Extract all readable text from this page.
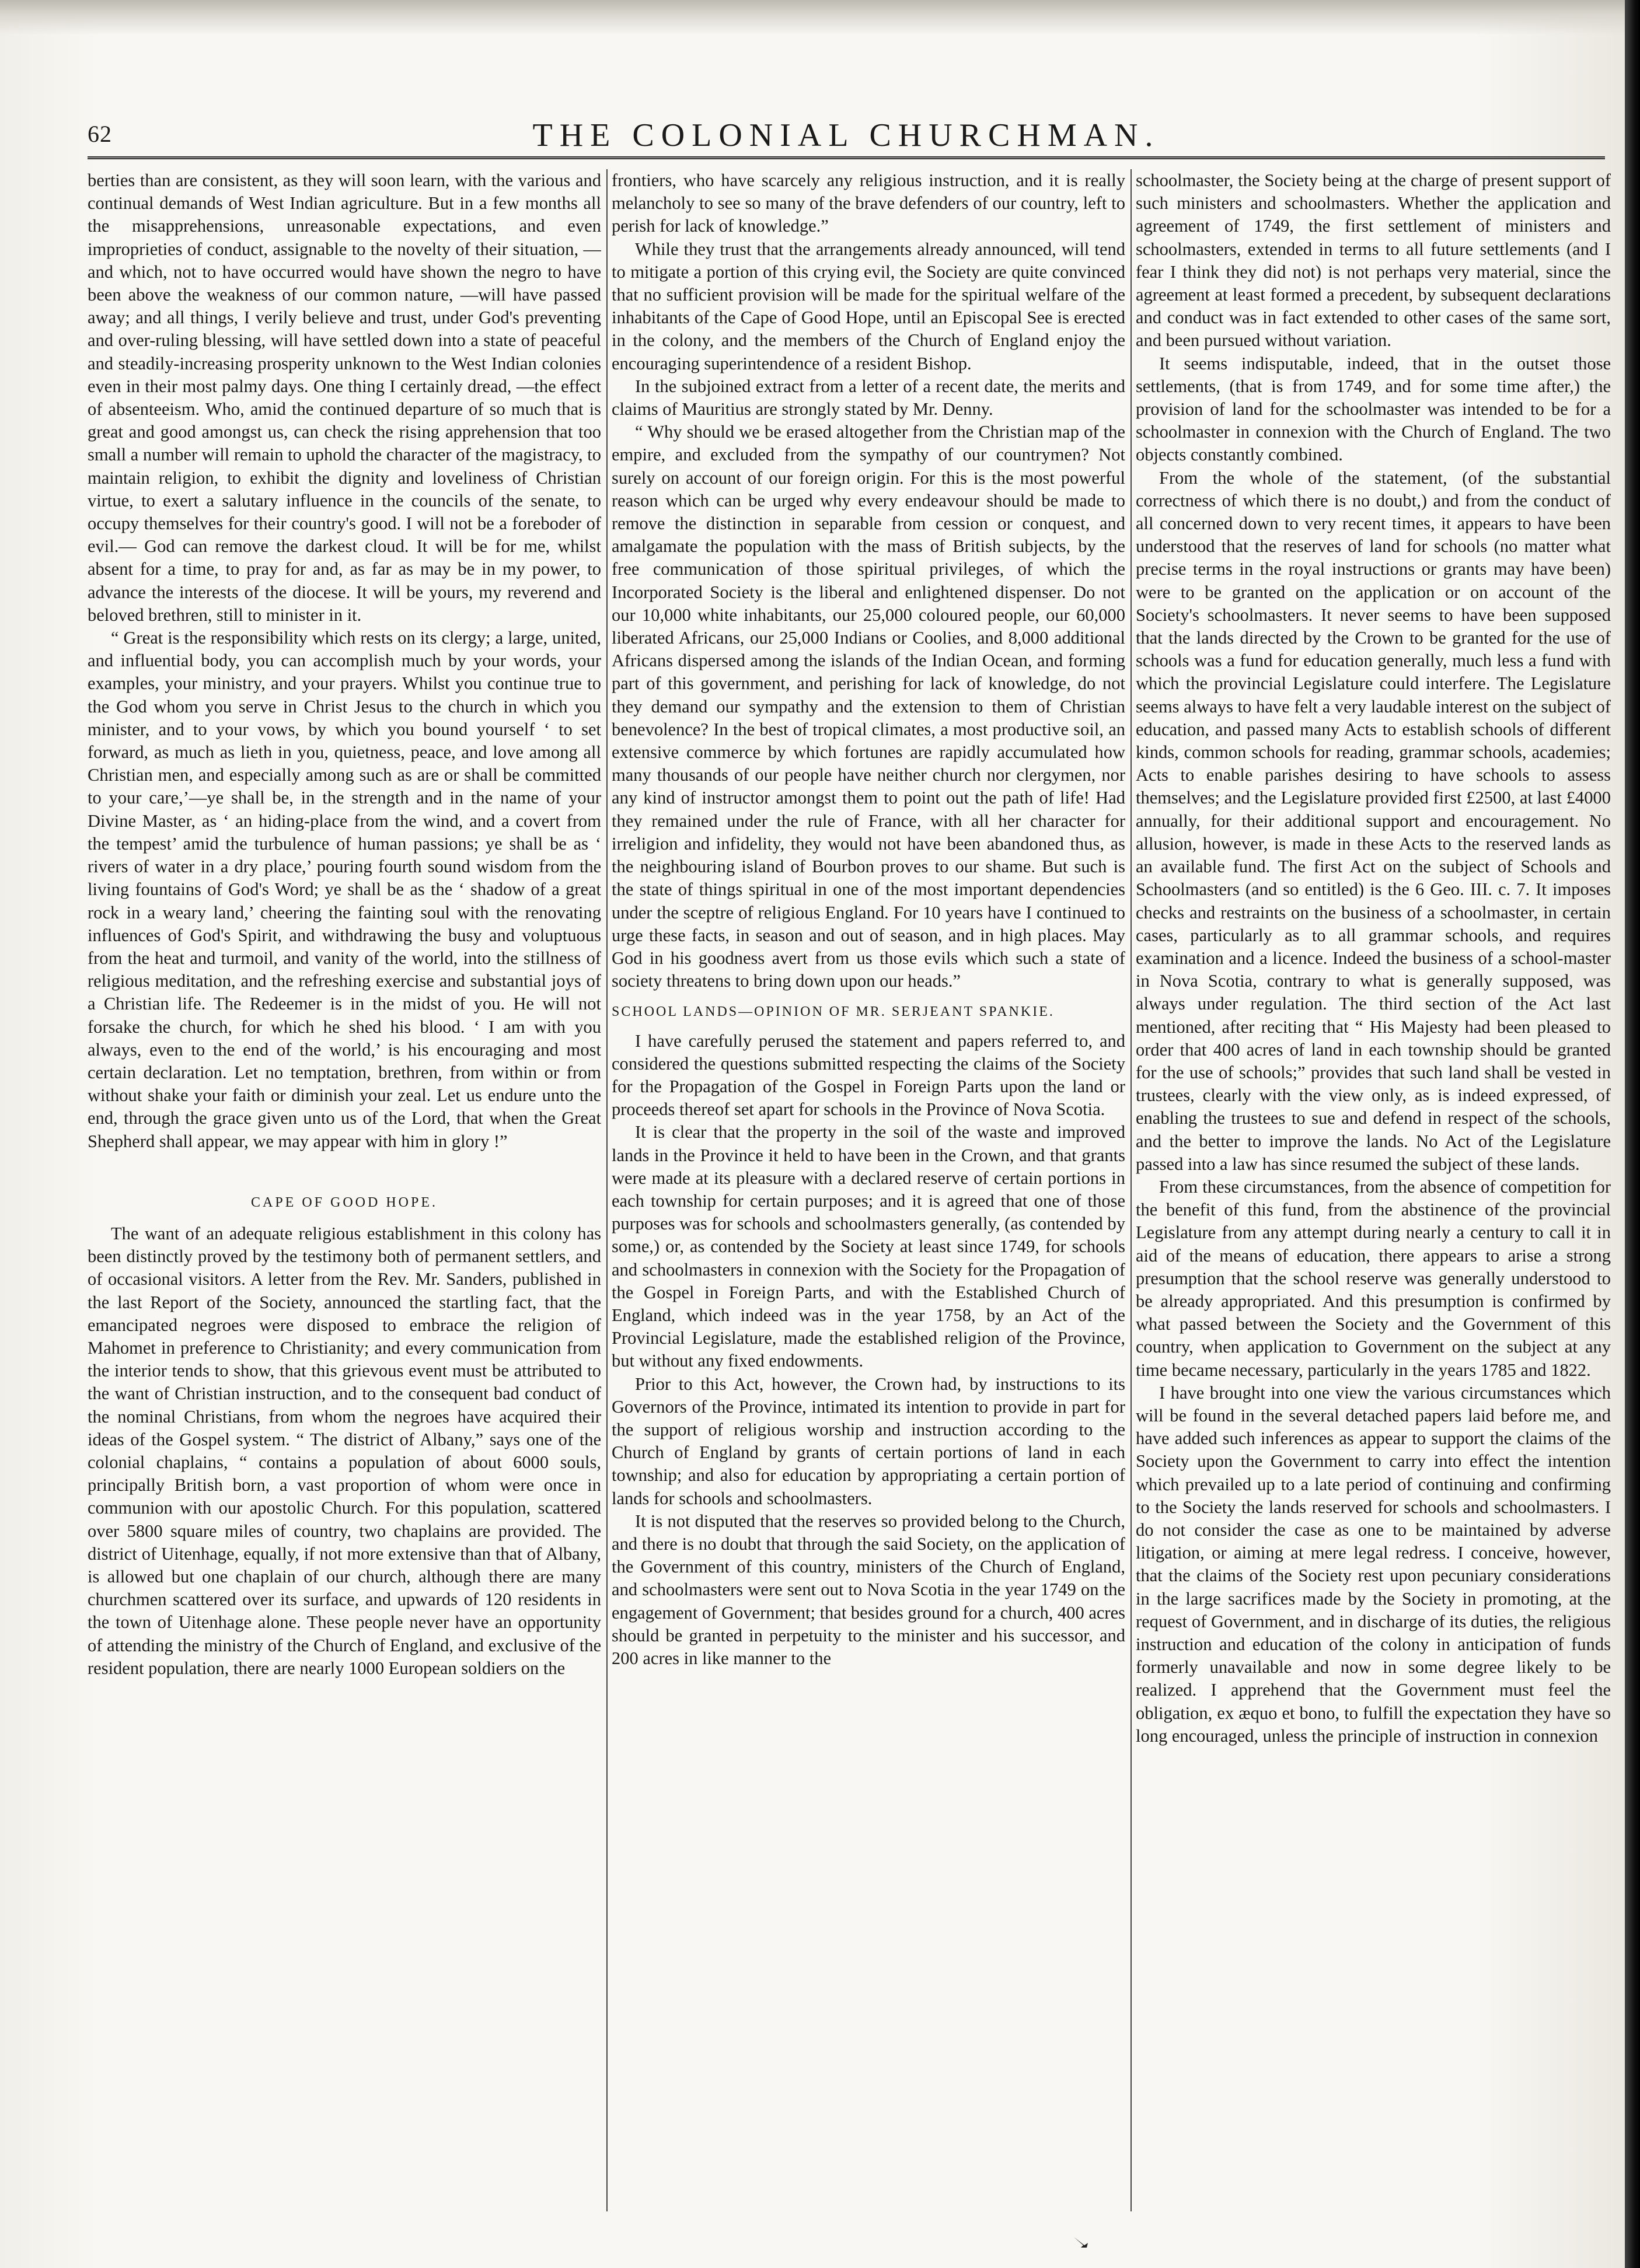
62	THE COLONIAL CHURCHMAN.

berties than are consistent, as they will soon learn, with the various and continual demands of West Indian agriculture. But in a few months all the misapprehensions, unreasonable expectations, and even improprieties of conduct, assignable to the novelty of their situation, —and which, not to have occurred would have shown the negro to have been above the weakness of our common nature, —will have passed away; and all things, I verily believe and trust, under God's preventing and over-ruling blessing, will have settled down into a state of peaceful and steadily-increasing prosperity unknown to the West Indian colonies even in their most palmy days. One thing I certainly dread, —the effect of absenteeism. Who, amid the continued departure of so much that is great and good amongst us, can check the rising apprehension that too small a number will remain to uphold the character of the magistracy, to maintain religion, to exhibit the dignity and loveliness of Christian virtue, to exert a salutary influence in the councils of the senate, to occupy themselves for their country's good. I will not be a foreboder of evil.— God can remove the darkest cloud. It will be for me, whilst absent for a time, to pray for and, as far as may be in my power, to advance the interests of the diocese. It will be yours, my reverend and beloved brethren, still to minister in it.

“ Great is the responsibility which rests on its clergy; a large, united, and influential body, you can accomplish much by your words, your examples, your ministry, and your prayers. Whilst you continue true to the God whom you serve in Christ Jesus to the church in which you minister, and to your vows, by which you bound yourself ‘ to set forward, as much as lieth in you, quietness, peace, and love among all Christian men, and especially among such as are or shall be committed to your care,’—ye shall be, in the strength and in the name of your Divine Master, as ‘ an hiding-place from the wind, and a covert from the tempest’ amid the turbulence of human passions; ye shall be as ‘ rivers of water in a dry place,’ pouring fourth sound wisdom from the living fountains of God's Word; ye shall be as the ‘ shadow of a great rock in a weary land,’ cheering the fainting soul with the renovating influences of God's Spirit, and withdrawing the busy and voluptuous from the heat and turmoil, and vanity of the world, into the stillness of religious meditation, and the refreshing exercise and substantial joys of a Christian life. The Redeemer is in the midst of you. He will not forsake the church, for which he shed his blood. ‘ I am with you always, even to the end of the world,’ is his encouraging and most certain declaration. Let no temptation, brethren, from within or from without shake your faith or diminish your zeal. Let us endure unto the end, through the grace given unto us of the Lord, that when the Great Shepherd shall appear, we may appear with him in glory !”

CAPE OF GOOD HOPE.

The want of an adequate religious establishment in this colony has been distinctly proved by the testimony both of permanent settlers, and of occasional visitors. A letter from the Rev. Mr. Sanders, published in the last Report of the Society, announced the startling fact, that the emancipated negroes were disposed to embrace the religion of Mahomet in preference to Christianity; and every communication from the interior tends to show, that this grievous event must be attributed to the want of Christian instruction, and to the consequent bad conduct of the nominal Christians, from whom the negroes have acquired their ideas of the Gospel system. “ The district of Albany,” says one of the colonial chaplains, “ contains a population of about 6000 souls, principally British born, a vast proportion of whom were once in communion with our apostolic Church. For this population, scattered over 5800 square miles of country, two chaplains are provided. The district of Uitenhage, equally, if not more extensive than that of Albany, is allowed but one chaplain of our church, although there are many churchmen scattered over its surface, and upwards of 120 residents in the town of Uitenhage alone. These people never have an opportunity of attending the ministry of the Church of England, and exclusive of the resident population, there are nearly 1000 European soldiers on the

frontiers, who have scarcely any religious instruction, and it is really melancholy to see so many of the brave defenders of our country, left to perish for lack of knowledge.”

While they trust that the arrangements already announced, will tend to mitigate a portion of this crying evil, the Society are quite convinced that no sufficient provision will be made for the spiritual welfare of the inhabitants of the Cape of Good Hope, until an Episcopal See is erected in the colony, and the members of the Church of England enjoy the encouraging superintendence of a resident Bishop.

In the subjoined extract from a letter of a recent date, the merits and claims of Mauritius are strongly stated by Mr. Denny.

“ Why should we be erased altogether from the Christian map of the empire, and excluded from the sympathy of our countrymen? Not surely on account of our foreign origin. For this is the most powerful reason which can be urged why every endeavour should be made to remove the distinction in separable from cession or conquest, and amalgamate the population with the mass of British subjects, by the free communication of those spiritual privileges, of which the Incorporated Society is the liberal and enlightened dispenser. Do not our 10,000 white inhabitants, our 25,000 coloured people, our 60,000 liberated Africans, our 25,000 Indians or Coolies, and 8,000 additional Africans dispersed among the islands of the Indian Ocean, and forming part of this government, and perishing for lack of knowledge, do not they demand our sympathy and the extension to them of Christian benevolence? In the best of tropical climates, a most productive soil, an extensive commerce by which fortunes are rapidly accumulated how many thousands of our people have neither church nor clergymen, nor any kind of instructor amongst them to point out the path of life! Had they remained under the rule of France, with all her character for irreligion and infidelity, they would not have been abandoned thus, as the neighbouring island of Bourbon proves to our shame. But such is the state of things spiritual in one of the most important dependencies under the sceptre of religious England. For 10 years have I continued to urge these facts, in season and out of season, and in high places. May God in his goodness avert from us those evils which such a state of society threatens to bring down upon our heads.”

SCHOOL LANDS—OPINION OF MR. SERJEANT SPANKIE.

I have carefully perused the statement and papers referred to, and considered the questions submitted respecting the claims of the Society for the Propagation of the Gospel in Foreign Parts upon the land or proceeds thereof set apart for schools in the Province of Nova Scotia.

It is clear that the property in the soil of the waste and improved lands in the Province it held to have been in the Crown, and that grants were made at its pleasure with a declared reserve of certain portions in each township for certain purposes; and it is agreed that one of those purposes was for schools and schoolmasters generally, (as contended by some,) or, as contended by the Society at least since 1749, for schools and schoolmasters in connexion with the Society for the Propagation of the Gospel in Foreign Parts, and with the Established Church of England, which indeed was in the year 1758, by an Act of the Provincial Legislature, made the established religion of the Province, but without any fixed endowments.

Prior to this Act, however, the Crown had, by instructions to its Governors of the Province, intimated its intention to provide in part for the support of religious worship and instruction according to the Church of England by grants of certain portions of land in each township; and also for education by appropriating a certain portion of lands for schools and schoolmasters.

It is not disputed that the reserves so provided belong to the Church, and there is no doubt that through the said Society, on the application of the Government of this country, ministers of the Church of England, and schoolmasters were sent out to Nova Scotia in the year 1749 on the engagement of Government; that besides ground for a church, 400 acres should be granted in perpetuity to the minister and his successor, and 200 acres in like manner to the

schoolmaster, the Society being at the charge of present support of such ministers and schoolmasters. Whether the application and agreement of 1749, the first settlement of ministers and schoolmasters, extended in terms to all future settlements (and I fear I think they did not) is not perhaps very material, since the agreement at least formed a precedent, by subsequent declarations and conduct was in fact extended to other cases of the same sort, and been pursued without variation.

It seems indisputable, indeed, that in the outset those settlements, (that is from 1749, and for some time after,) the provision of land for the schoolmaster was intended to be for a schoolmaster in connexion with the Church of England. The two objects constantly combined.

From the whole of the statement, (of the substantial correctness of which there is no doubt,) and from the conduct of all concerned down to very recent times, it appears to have been understood that the reserves of land for schools (no matter what precise terms in the royal instructions or grants may have been) were to be granted on the application or on account of the Society's schoolmasters. It never seems to have been supposed that the lands directed by the Crown to be granted for the use of schools was a fund for education generally, much less a fund with which the provincial Legislature could interfere. The Legislature seems always to have felt a very laudable interest on the subject of education, and passed many Acts to establish schools of different kinds, common schools for reading, grammar schools, academies; Acts to enable parishes desiring to have schools to assess themselves; and the Legislature provided first £2500, at last £4000 annually, for their additional support and encouragement. No allusion, however, is made in these Acts to the reserved lands as an available fund. The first Act on the subject of Schools and Schoolmasters (and so entitled) is the 6 Geo. III. c. 7. It imposes checks and restraints on the business of a schoolmaster, in certain cases, particularly as to all grammar schools, and requires examination and a licence. Indeed the business of a school-master in Nova Scotia, contrary to what is generally supposed, was always under regulation. The third section of the Act last mentioned, after reciting that “ His Majesty had been pleased to order that 400 acres of land in each township should be granted for the use of schools;” provides that such land shall be vested in trustees, clearly with the view only, as is indeed expressed, of enabling the trustees to sue and defend in respect of the schools, and the better to improve the lands. No Act of the Legislature passed into a law has since resumed the subject of these lands.

From these circumstances, from the absence of competition for the benefit of this fund, from the abstinence of the provincial Legislature from any attempt during nearly a century to call it in aid of the means of education, there appears to arise a strong presumption that the school reserve was generally understood to be already appropriated. And this presumption is confirmed by what passed between the Society and the Government of this country, when application to Government on the subject at any time became necessary, particularly in the years 1785 and 1822.

I have brought into one view the various circumstances which will be found in the several detached papers laid before me, and have added such inferences as appear to support the claims of the Society upon the Government to carry into effect the intention which prevailed up to a late period of continuing and confirming to the Society the lands reserved for schools and schoolmasters. I do not consider the case as one to be maintained by adverse litigation, or aiming at mere legal redress. I conceive, however, that the claims of the Society rest upon pecuniary considerations in the large sacrifices made by the Society in promoting, at the request of Government, and in discharge of its duties, the religious instruction and education of the colony in anticipation of funds formerly unavailable and now in some degree likely to be realized. I apprehend that the Government must feel the obligation, ex æquo et bono, to fulfill the expectation they have so long encouraged, unless the principle of instruction in connexion
